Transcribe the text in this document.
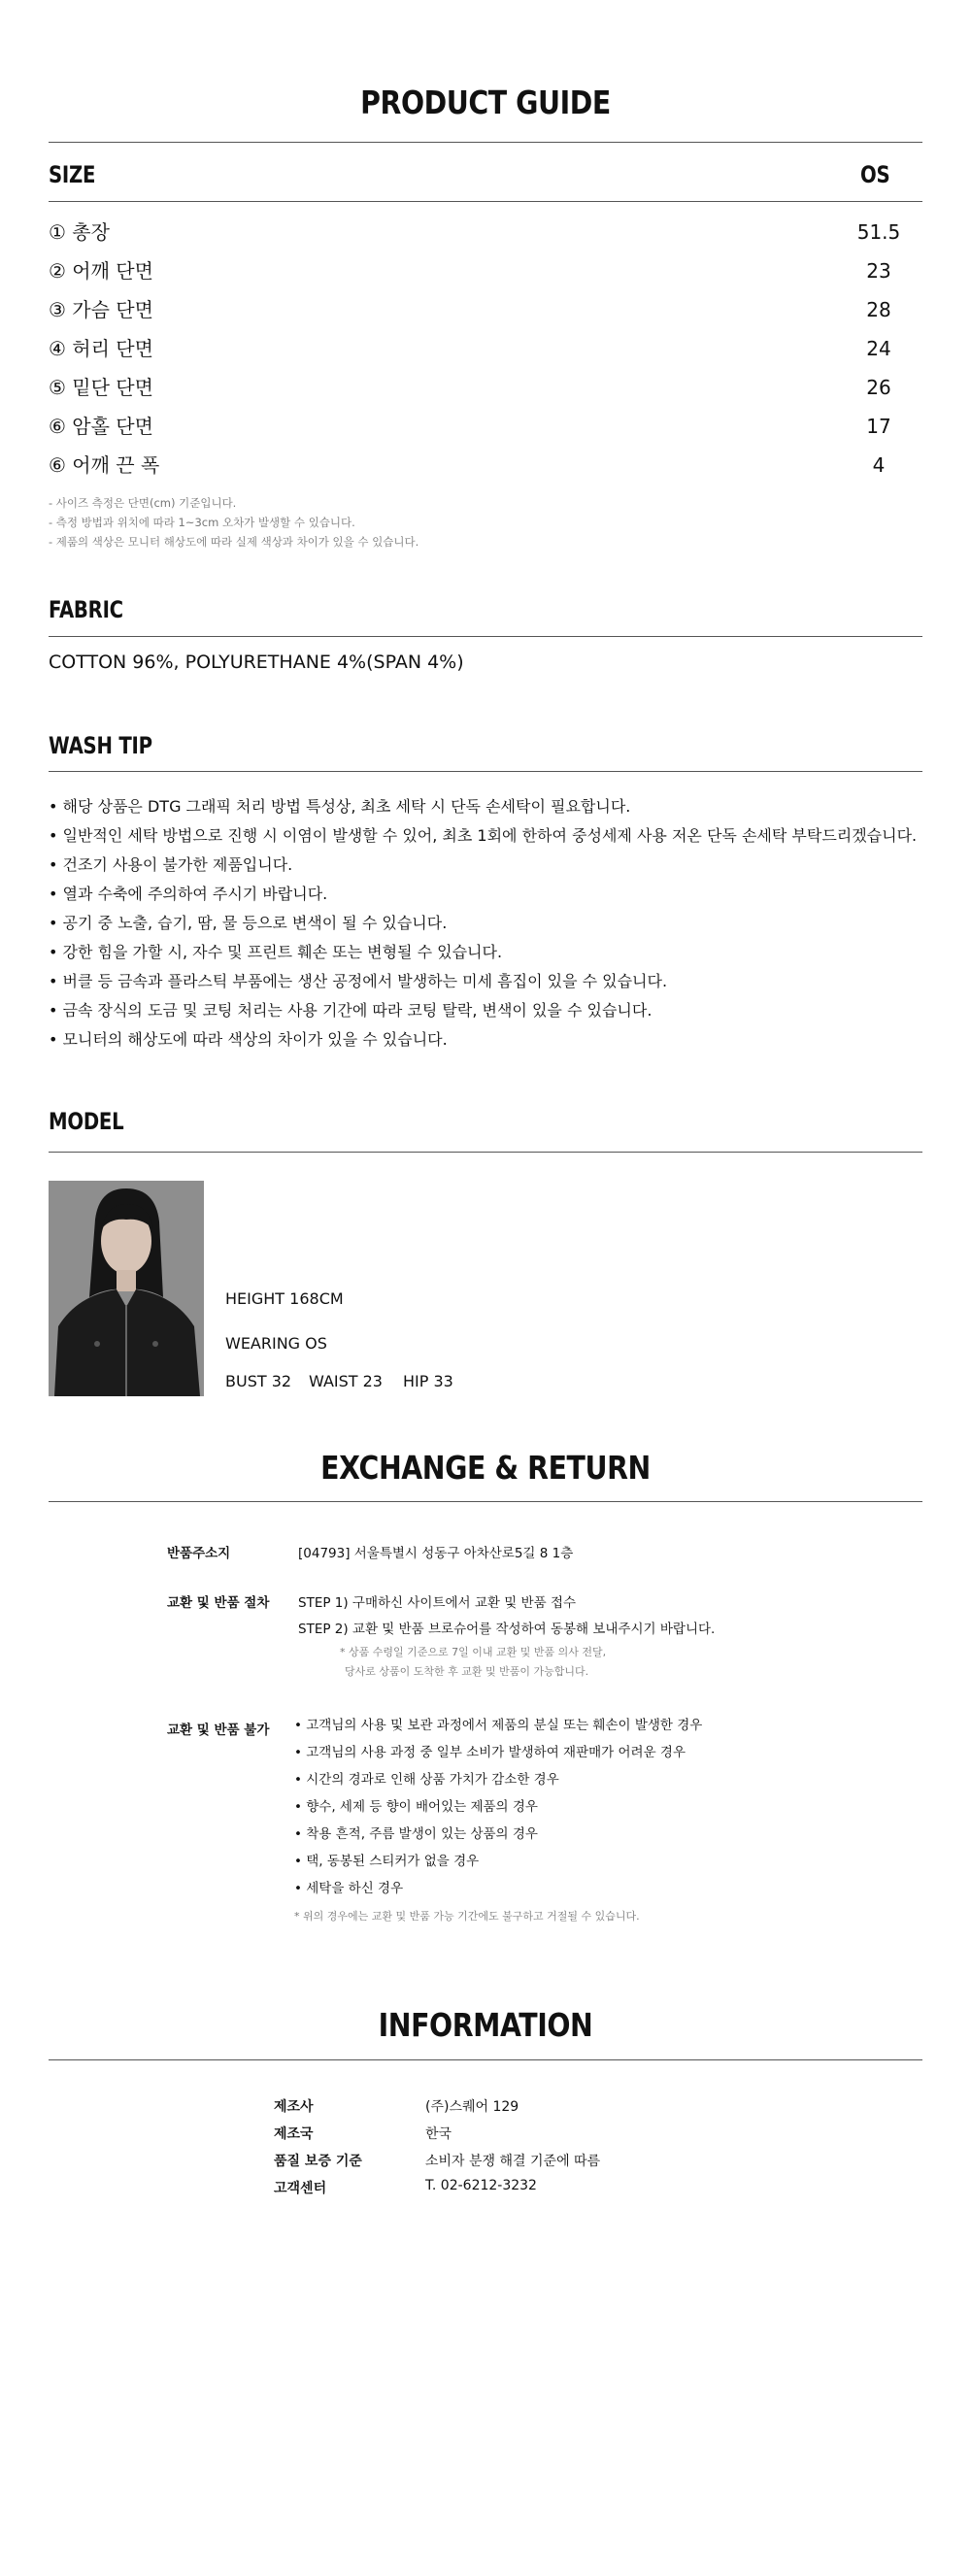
PRODUCT GUIDE
SIZE	OS
① 총장	51.5
② 어깨 단면	23
③ 가슴 단면	28
④ 허리 단면	24
⑤ 밑단 단면	26
⑥ 암홀 단면	17
⑥ 어깨 끈 폭	4
- 사이즈 측정은 단면(cm) 기준입니다.
- 측정 방법과 위치에 따라 1~3cm 오차가 발생할 수 있습니다.
- 제품의 색상은 모니터 해상도에 따라 실제 색상과 차이가 있을 수 있습니다.
FABRIC
COTTON 96%, POLYURETHANE 4%(SPAN 4%)
WASH TIP
• 해당 상품은 DTG 그래픽 처리 방법 특성상, 최초 세탁 시 단독 손세탁이 필요합니다.
• 일반적인 세탁 방법으로 진행 시 이염이 발생할 수 있어, 최초 1회에 한하여 중성세제 사용 저온 단독 손세탁 부탁드리겠습니다.
• 건조기 사용이 불가한 제품입니다.
• 열과 수축에 주의하여 주시기 바랍니다.
• 공기 중 노출, 습기, 땀, 물 등으로 변색이 될 수 있습니다.
• 강한 힘을 가할 시, 자수 및 프린트 훼손 또는 변형될 수 있습니다.
• 버클 등 금속과 플라스틱 부품에는 생산 공정에서 발생하는 미세 흠집이 있을 수 있습니다.
• 금속 장식의 도금 및 코팅 처리는 사용 기간에 따라 코팅 탈락, 변색이 있을 수 있습니다.
• 모니터의 해상도에 따라 색상의 차이가 있을 수 있습니다.
MODEL
HEIGHT 168CM
WEARING OS
BUST 32 WAIST 23 HIP 33
EXCHANGE & RETURN
반품주소지	[04793] 서울특별시 성동구 아차산로5길 8 1층
교환 및 반품 절차 STEP 1) 구매하신 사이트에서 교환 및 반품 접수
STEP 2) 교환 및 반품 브로슈어를 작성하여 동봉해 보내주시기 바랍니다.
* 상품 수령일 기준으로 7일 이내 교환 및 반품 의사 전달,
당사로 상품이 도착한 후 교환 및 반품이 가능합니다.
교환 및 반품 불가 • 고객님의 사용 및 보관 과정에서 제품의 분실 또는 훼손이 발생한 경우
• 고객님의 사용 과정 중 일부 소비가 발생하여 재판매가 어려운 경우
• 시간의 경과로 인해 상품 가치가 감소한 경우
• 향수, 세제 등 향이 배어있는 제품의 경우
• 착용 흔적, 주름 발생이 있는 상품의 경우
• 택, 동봉된 스티커가 없을 경우
• 세탁을 하신 경우
* 위의 경우에는 교환 및 반품 가능 기간에도 불구하고 거절될 수 있습니다.
INFORMATION
제조사	(주)스퀘어 129
제조국	한국
품질 보증 기준	소비자 분쟁 해결 기준에 따름
고객센터	T. 02-6212-3232
